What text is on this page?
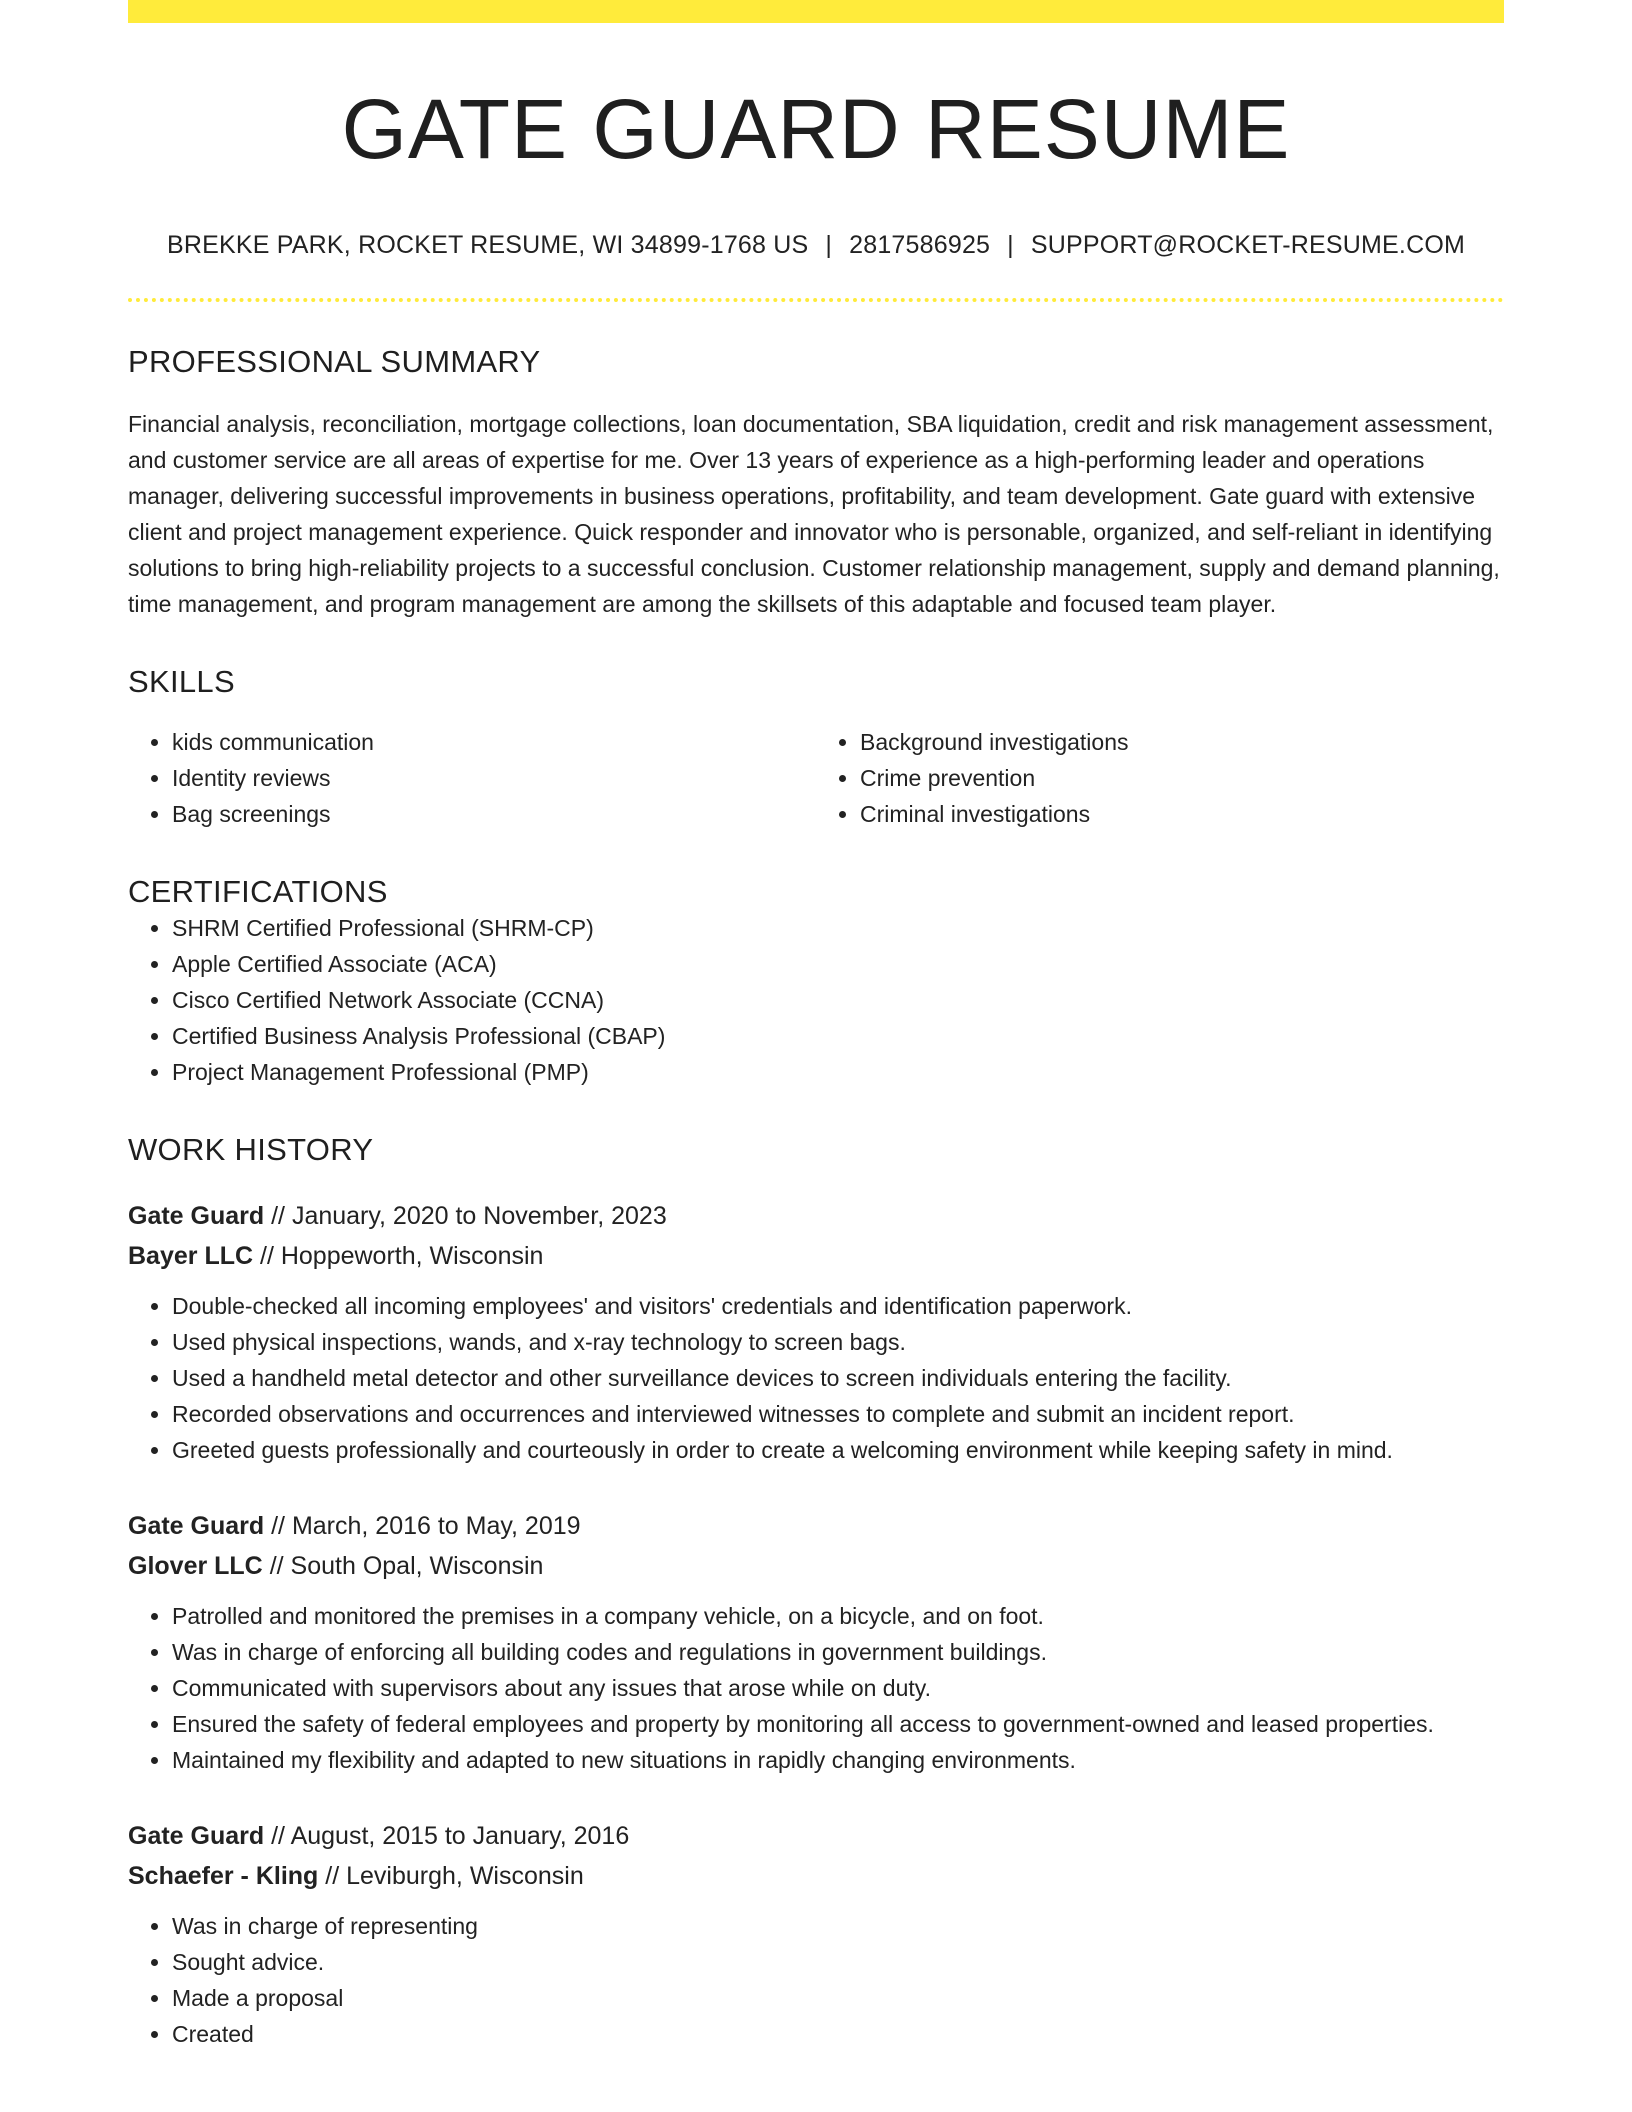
GATE GUARD RESUME
BREKKE PARK, ROCKET RESUME, WI 34899-1768 US | 2817586925 | SUPPORT@ROCKET-RESUME.COM
PROFESSIONAL SUMMARY

Financial analysis, reconciliation, mortgage collections, loan documentation, SBA liquidation, credit and risk management assessment, and customer service are all areas of expertise for me. Over 13 years of experience as a high-performing leader and operations manager, delivering successful improvements in business operations, profitability, and team development. Gate guard with extensive client and project management experience. Quick responder and innovator who is personable, organized, and self-reliant in identifying solutions to bring high-reliability projects to a successful conclusion. Customer relationship management, supply and demand planning, time management, and program management are among the skillsets of this adaptable and focused team player.

SKILLS
• kids communication
• Identity reviews
• Bag screenings
• Background investigations
• Crime prevention
• Criminal investigations
CERTIFICATIONS
• SHRM Certified Professional (SHRM-CP)
• Apple Certified Associate (ACA)
• Cisco Certified Network Associate (CCNA)
• Certified Business Analysis Professional (CBAP)
• Project Management Professional (PMP)
WORK HISTORY
Gate Guard // January, 2020 to November, 2023
Bayer LLC // Hoppeworth, Wisconsin
• Double-checked all incoming employees' and visitors' credentials and identification paperwork.
• Used physical inspections, wands, and x-ray technology to screen bags.
• Used a handheld metal detector and other surveillance devices to screen individuals entering the facility.
• Recorded observations and occurrences and interviewed witnesses to complete and submit an incident report.
• Greeted guests professionally and courteously in order to create a welcoming environment while keeping safety in mind.
Gate Guard // March, 2016 to May, 2019
Glover LLC // South Opal, Wisconsin
• Patrolled and monitored the premises in a company vehicle, on a bicycle, and on foot.
• Was in charge of enforcing all building codes and regulations in government buildings.
• Communicated with supervisors about any issues that arose while on duty.
• Ensured the safety of federal employees and property by monitoring all access to government-owned and leased properties.
• Maintained my flexibility and adapted to new situations in rapidly changing environments.
Gate Guard // August, 2015 to January, 2016
Schaefer - Kling // Leviburgh, Wisconsin
• Was in charge of representing
• Sought advice.
• Made a proposal
• Created
